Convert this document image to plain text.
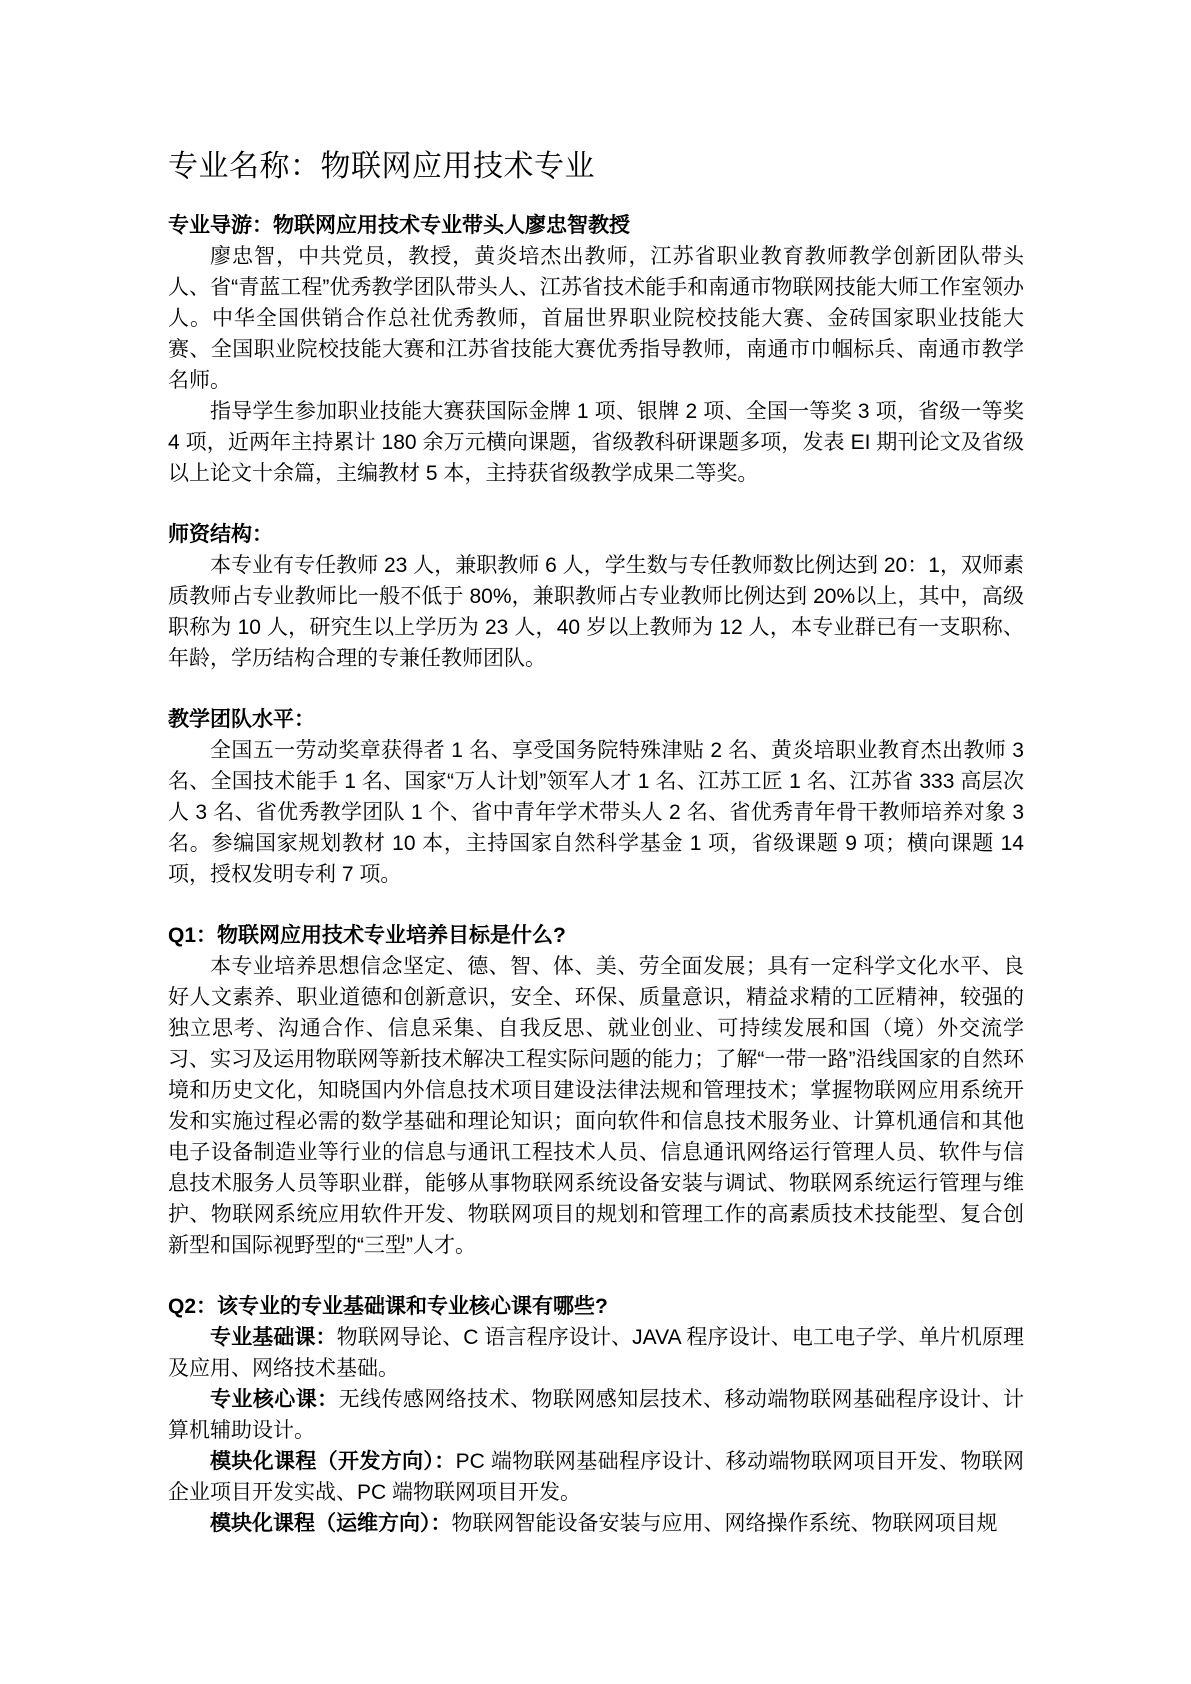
专业名称：物联网应用技术专业
专业导游：物联网应用技术专业带头人廖忠智教授

廖忠智，中共党员，教授，黄炎培杰出教师，江苏省职业教育教师教学创新团队带头人、省“青蓝工程”优秀教学团队带头人、江苏省技术能手和南通市物联网技能大师工作室领办人。中华全国供销合作总社优秀教师，首届世界职业院校技能大赛、金砖国家职业技能大赛、全国职业院校技能大赛和江苏省技能大赛优秀指导教师，南通市巾帼标兵、南通市教学名师。

指导学生参加职业技能大赛获国际金牌 1 项、银牌 2 项、全国一等奖 3 项，省级一等奖 4 项，近两年主持累计 180 余万元横向课题，省级教科研课题多项，发表 EI 期刊论文及省级以上论文十余篇，主编教材 5 本，主持获省级教学成果二等奖。

师资结构：

本专业有专任教师 23 人，兼职教师 6 人，学生数与专任教师数比例达到 20：1，双师素质教师占专业教师比一般不低于 80%，兼职教师占专业教师比例达到 20%以上，其中，高级职称为 10 人，研究生以上学历为 23 人，40 岁以上教师为 12 人，本专业群已有一支职称、年龄，学历结构合理的专兼任教师团队。

教学团队水平：

全国五一劳动奖章获得者 1 名、享受国务院特殊津贴 2 名、黄炎培职业教育杰出教师 3 名、全国技术能手 1 名、国家“万人计划”领军人才 1 名、江苏工匠 1 名、江苏省 333 高层次人 3 名、省优秀教学团队 1 个、省中青年学术带头人 2 名、省优秀青年骨干教师培养对象 3 名。参编国家规划教材 10 本，主持国家自然科学基金 1 项，省级课题 9 项；横向课题 14 项，授权发明专利 7 项。

Q1：物联网应用技术专业培养目标是什么?

本专业培养思想信念坚定、德、智、体、美、劳全面发展；具有一定科学文化水平、良好人文素养、职业道德和创新意识，安全、环保、质量意识，精益求精的工匠精神，较强的独立思考、沟通合作、信息采集、自我反思、就业创业、可持续发展和国（境）外交流学习、实习及运用物联网等新技术解决工程实际问题的能力；了解“一带一路”沿线国家的自然环境和历史文化，知晓国内外信息技术项目建设法律法规和管理技术；掌握物联网应用系统开发和实施过程必需的数学基础和理论知识；面向软件和信息技术服务业、计算机通信和其他电子设备制造业等行业的信息与通讯工程技术人员、信息通讯网络运行管理人员、软件与信息技术服务人员等职业群，能够从事物联网系统设备安装与调试、物联网系统运行管理与维护、物联网系统应用软件开发、物联网项目的规划和管理工作的高素质技术技能型、复合创新型和国际视野型的“三型”人才。

Q2：该专业的专业基础课和专业核心课有哪些?

专业基础课：物联网导论、C 语言程序设计、JAVA 程序设计、电工电子学、单片机原理及应用、网络技术基础。

专业核心课：无线传感网络技术、物联网感知层技术、移动端物联网基础程序设计、计算机辅助设计。

模块化课程（开发方向）：PC 端物联网基础程序设计、移动端物联网项目开发、物联网企业项目开发实战、PC 端物联网项目开发。

模块化课程（运维方向）：物联网智能设备安装与应用、网络操作系统、物联网项目规
